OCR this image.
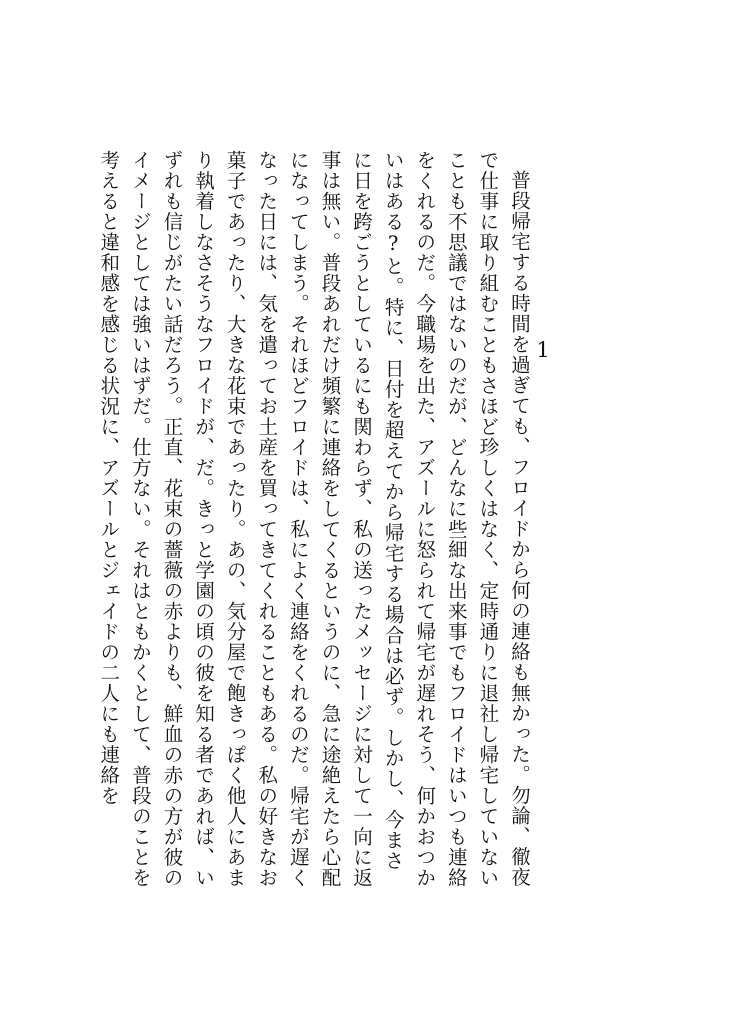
1

普段帰宅する時間を過ぎても、フロイドから何の連絡も無かった。勿論、徹夜で仕事に取り組むこともさほど珍しくはなく、定時通りに退社し帰宅していないことも不思議ではないのだが、どんなに些細な出来事でもフロイドはいつも連絡をくれるのだ。今職場を出た、アズールに怒られて帰宅が遅れそう、何かおつかいはある?と。特に、日付を超えてから帰宅する場合は必ず。しかし、今まさに日を跨ごうとしているにも関わらず、私の送ったメッセージに対して一向に返事は無い。普段あれだけ頻繁に連絡をしてくるというのに、急に途絶えたら心配になってしまう。それほどフロイドは、私によく連絡をくれるのだ。帰宅が遅くなった日には、気を遣ってお土産を買ってきてくれることもある。私の好きなお菓子であったり、大きな花束であったり。あの、気分屋で飽きっぽく他人にあまり執着しなさそうなフロイドが、だ。きっと学園の頃の彼を知る者であれば、いずれも信じがたい話だろう。正直、花束の薔薇の赤よりも、鮮血の赤の方が彼のイメージとしては強いはずだ。仕方ない。それはともかくとして、普段のことを考えると違和感を感じる状況に、アズールとジェイドの二人にも連絡を
